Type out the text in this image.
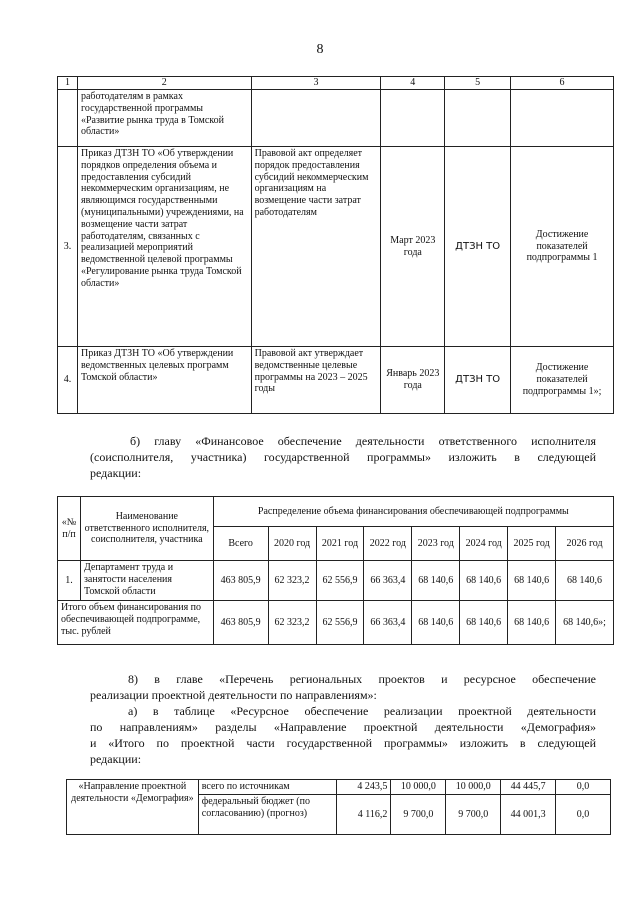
8
1	2	3	4	5	6
	работодателям в рамках государственной программы «Развитие рынка труда в Томской области»				
3.	Приказ ДТЗН ТО «Об утверждении порядков определения объема и предоставления субсидий некоммерческим организациям, не являющимся государственными (муниципальными) учреждениями, на возмещение части затрат работодателям, связанных с реализацией мероприятий ведомственной целевой программы «Регулирование рынка труда Томской области»	Правовой акт определяет порядок предоставления субсидий некоммерческим организациям на возмещение части затрат работодателям	Март 2023 года	ДТЗН ТО	Достижение показателей подпрограммы 1
4.	Приказ ДТЗН ТО «Об утверждении ведомственных целевых программ Томской области»	Правовой акт утверждает ведомственные целевые программы на 2023 – 2025 годы	Январь 2023 года	ДТЗН ТО	Достижение показателей подпрограммы 1»;
б) главу «Финансовое обеспечение деятельности ответственного исполнителя
(соисполнителя, участника) государственной программы» изложить в следующей
редакции:
«№ п/п	Наименование ответственного исполнителя, соисполнителя, участника	Распределение объема финансирования обеспечивающей подпрограммы							
		Всего	2020 год	2021 год	2022 год	2023 год	2024 год	2025 год	2026 год
1.	Департамент труда и занятости населения Томской области	463 805,9	62 323,2	62 556,9	66 363,4	68 140,6	68 140,6	68 140,6	68 140,6
Итого объем финансирования по обеспечивающей подпрограмме, тыс. рублей		463 805,9	62 323,2	62 556,9	66 363,4	68 140,6	68 140,6	68 140,6	68 140,6»;
8) в главе «Перечень региональных проектов и ресурсное обеспечение
реализации проектной деятельности по направлениям»:
а) в таблице «Ресурсное обеспечение реализации проектной деятельности
по направлениям» разделы «Направление проектной деятельности «Демография»
и «Итого по проектной части государственной программы» изложить в следующей
редакции:
«Направление проектной деятельности «Демография»	всего по источникам	4 243,5	10 000,0	10 000,0	44 445,7	0,0
	федеральный бюджет (по согласованию) (прогноз)	4 116,2	9 700,0	9 700,0	44 001,3	0,0
